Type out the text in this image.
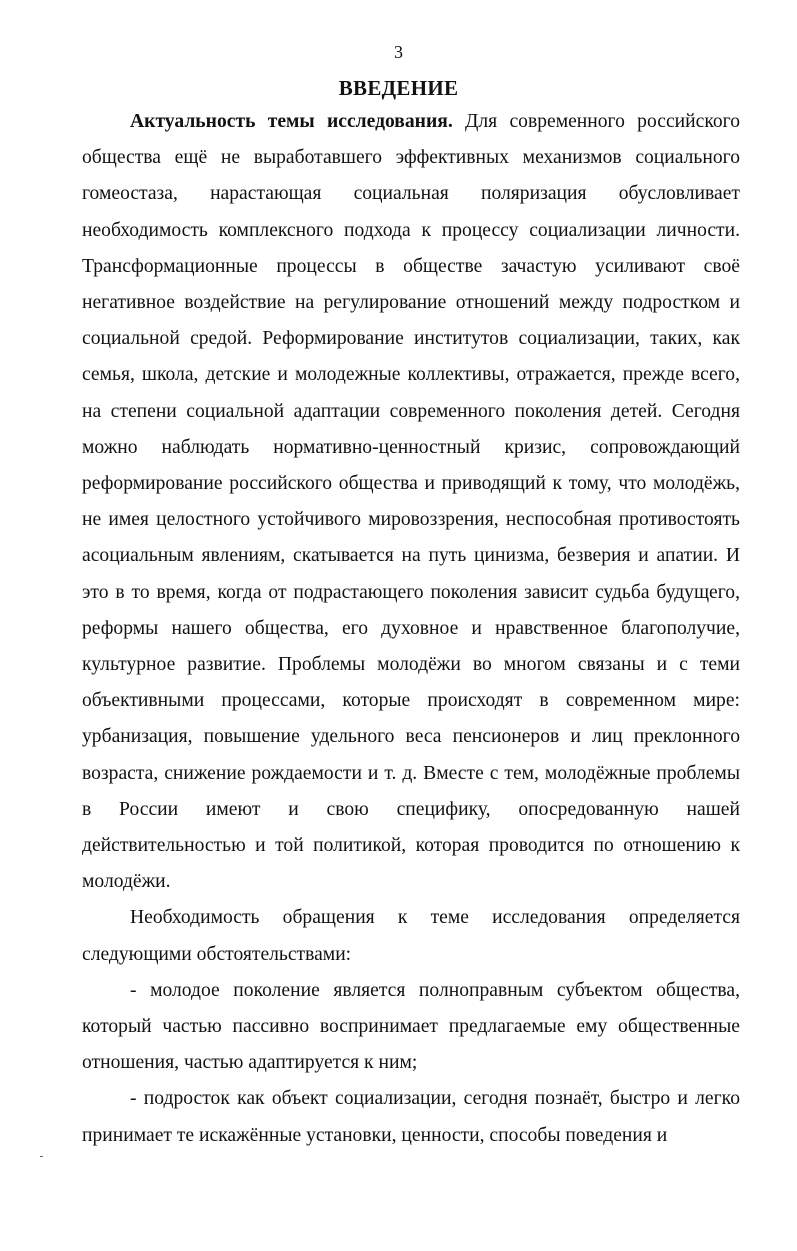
3
ВВЕДЕНИЕ

Актуальность темы исследования. Для современного российского общества ещё не выработавшего эффективных механизмов социального гомеостаза, нарастающая социальная поляризация обусловливает необходимость комплексного подхода к процессу социализации личности. Трансформационные процессы в обществе зачастую усиливают своё негативное воздействие на регулирование отношений между подростком и социальной средой. Реформирование институтов социализации, таких, как семья, школа, детские и молодежные коллективы, отражается, прежде всего, на степени социальной адаптации современного поколения детей. Сегодня можно наблюдать нормативно-ценностный кризис, сопровождающий реформирование российского общества и приводящий к тому, что молодёжь, не имея целостного устойчивого мировоззрения, неспособная противостоять асоциальным явлениям, скатывается на путь цинизма, безверия и апатии. И это в то время, когда от подрастающего поколения зависит судьба будущего, реформы нашего общества, его духовное и нравственное благополучие, культурное развитие. Проблемы молодёжи во многом связаны и с теми объективными процессами, которые происходят в современном мире: урбанизация, повышение удельного веса пенсионеров и лиц преклонного возраста, снижение рождаемости и т. д. Вместе с тем, молодёжные проблемы в России имеют и свою специфику, опосредованную нашей действительностью и той политикой, которая проводится по отношению к молодёжи.

Необходимость обращения к теме исследования определяется следующими обстоятельствами:

- молодое поколение является полноправным субъектом общества, который частью пассивно воспринимает предлагаемые ему общественные отношения, частью адаптируется к ним;

- подросток как объект социализации, сегодня познаёт, быстро и легко принимает те искажённые установки, ценности, способы поведения и
